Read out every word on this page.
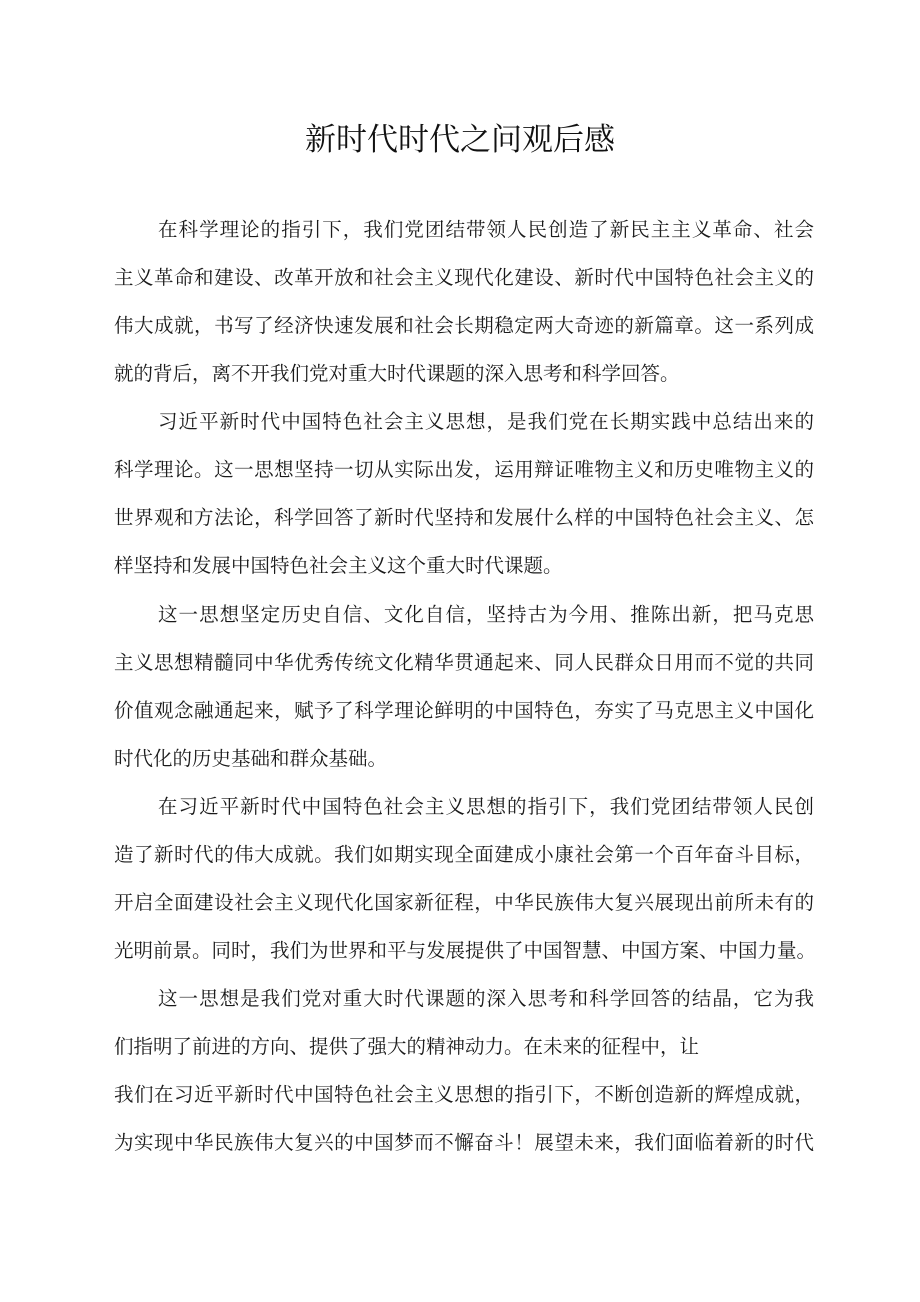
新时代时代之问观后感

在科学理论的指引下，我们党团结带领人民创造了新民主主义革命、社会

主义革命和建设、改革开放和社会主义现代化建设、新时代中国特色社会主义的

伟大成就，书写了经济快速发展和社会长期稳定两大奇迹的新篇章。这一系列成

就的背后，离不开我们党对重大时代课题的深入思考和科学回答。

习近平新时代中国特色社会主义思想，是我们党在长期实践中总结出来的

科学理论。这一思想坚持一切从实际出发，运用辩证唯物主义和历史唯物主义的

世界观和方法论，科学回答了新时代坚持和发展什么样的中国特色社会主义、怎

样坚持和发展中国特色社会主义这个重大时代课题。

这一思想坚定历史自信、文化自信，坚持古为今用、推陈出新，把马克思

主义思想精髓同中华优秀传统文化精华贯通起来、同人民群众日用而不觉的共同

价值观念融通起来，赋予了科学理论鲜明的中国特色，夯实了马克思主义中国化

时代化的历史基础和群众基础。

在习近平新时代中国特色社会主义思想的指引下，我们党团结带领人民创

造了新时代的伟大成就。我们如期实现全面建成小康社会第一个百年奋斗目标，

开启全面建设社会主义现代化国家新征程，中华民族伟大复兴展现出前所未有的

光明前景。同时，我们为世界和平与发展提供了中国智慧、中国方案、中国力量。

这一思想是我们党对重大时代课题的深入思考和科学回答的结晶，它为我

们指明了前进的方向、提供了强大的精神动力。在未来的征程中，让

我们在习近平新时代中国特色社会主义思想的指引下，不断创造新的辉煌成就，

为实现中华民族伟大复兴的中国梦而不懈奋斗！展望未来，我们面临着新的时代
